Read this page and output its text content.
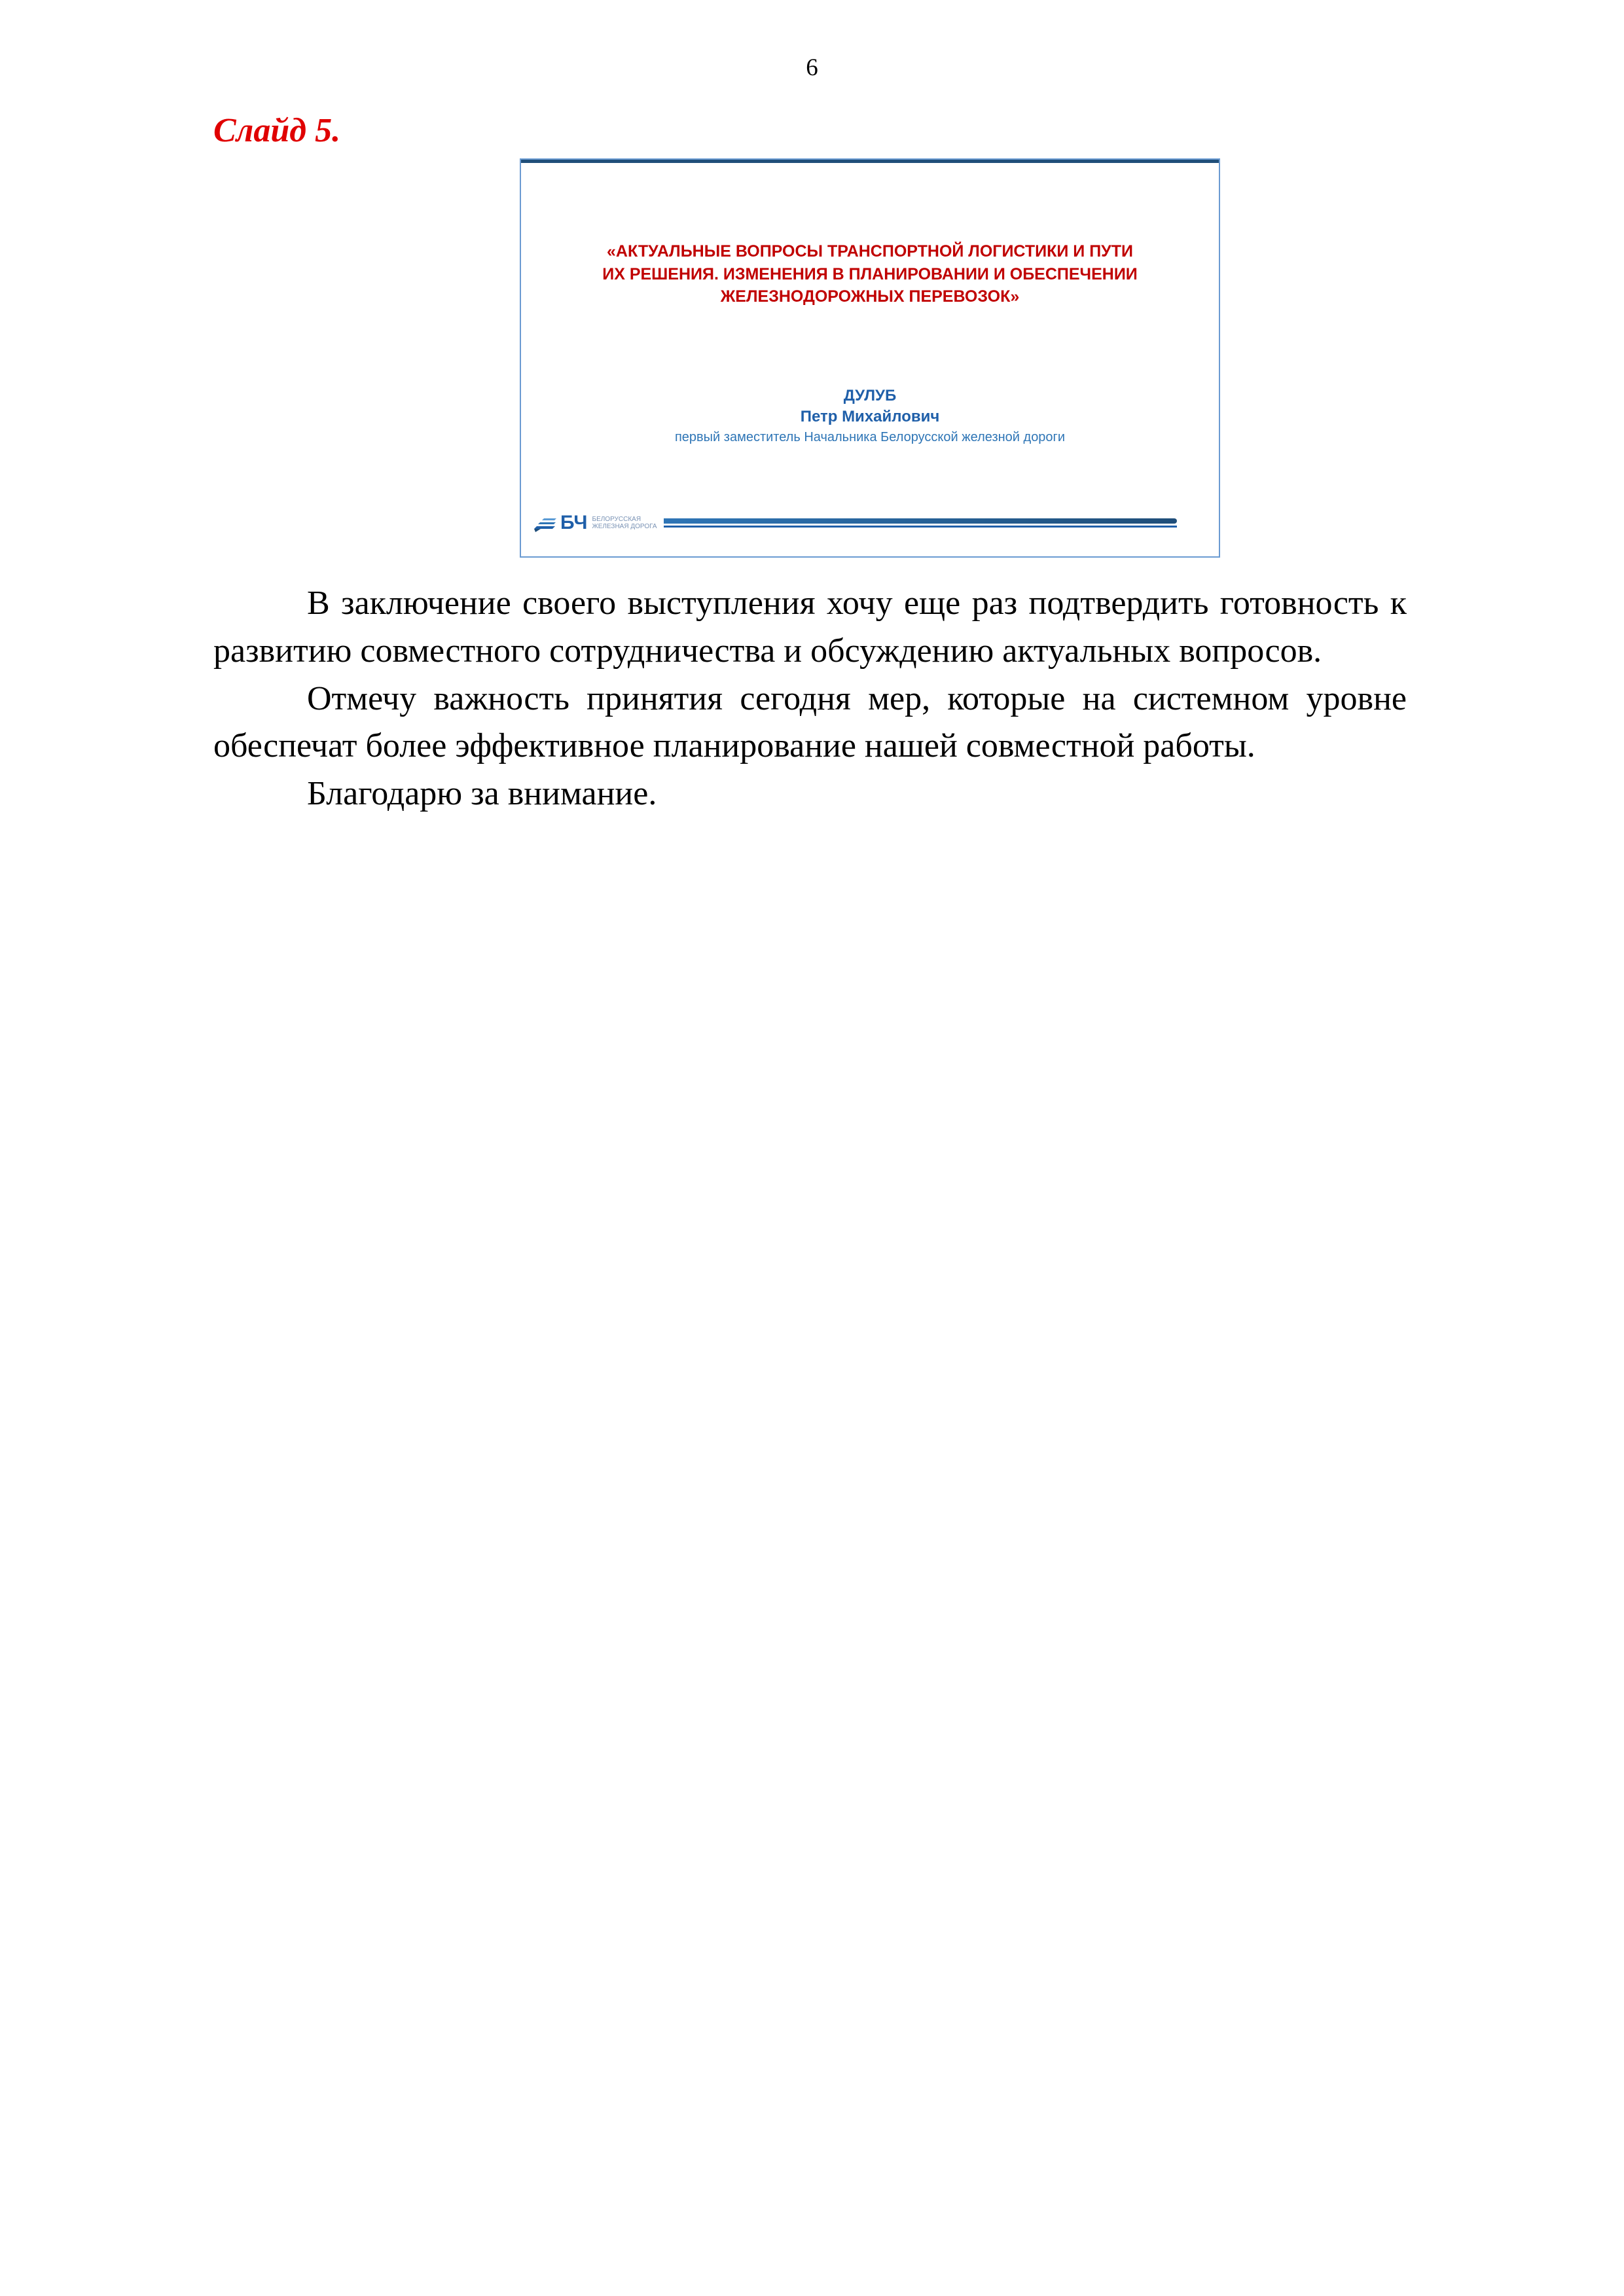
6
Слайд 5.
«АКТУАЛЬНЫЕ ВОПРОСЫ ТРАНСПОРТНОЙ ЛОГИСТИКИ И ПУТИ
ИХ РЕШЕНИЯ. ИЗМЕНЕНИЯ В ПЛАНИРОВАНИИ И ОБЕСПЕЧЕНИИ
ЖЕЛЕЗНОДОРОЖНЫХ ПЕРЕВОЗОК»
ДУЛУБ
Петр Михайлович
первый заместитель Начальника Белорусской железной дороги
БЧ БЕЛОРУССКАЯ
ЖЕЛЕЗНАЯ ДОРОГА

В заключение своего выступления хочу еще раз подтвердить готовность к развитию совместного сотрудничества и обсуждению актуальных вопросов.

Отмечу важность принятия сегодня мер, которые на системном уровне обеспечат более эффективное планирование нашей совместной работы.

Благодарю за внимание.
